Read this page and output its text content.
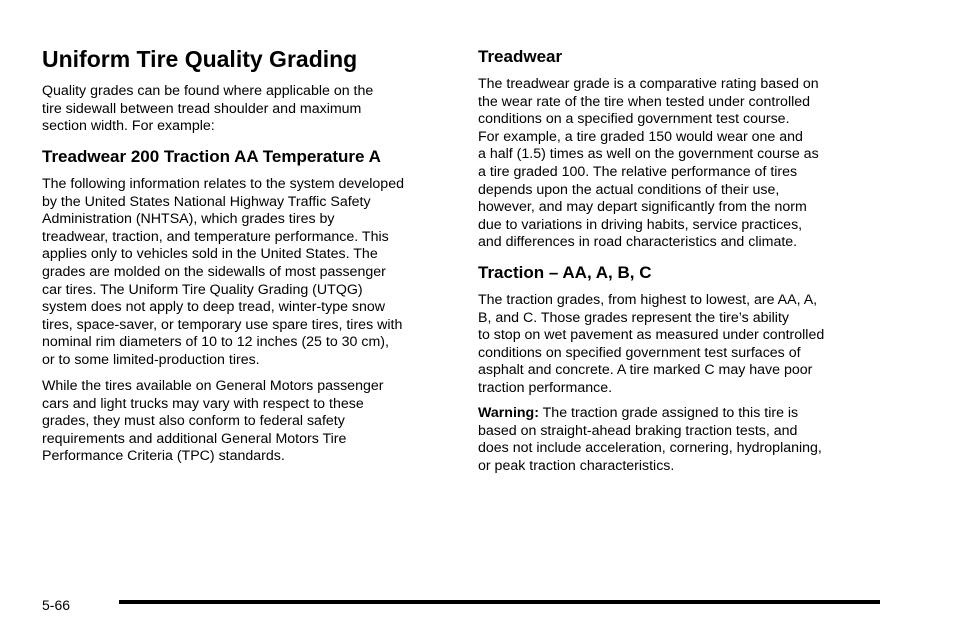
Uniform Tire Quality Grading

Quality grades can be found where applicable on the
tire sidewall between tread shoulder and maximum
section width. For example:

Treadwear 200 Traction AA Temperature A

The following information relates to the system developed
by the United States National Highway Traffic Safety
Administration (NHTSA), which grades tires by
treadwear, traction, and temperature performance. This
applies only to vehicles sold in the United States. The
grades are molded on the sidewalls of most passenger
car tires. The Uniform Tire Quality Grading (UTQG)
system does not apply to deep tread, winter-type snow
tires, space-saver, or temporary use spare tires, tires with
nominal rim diameters of 10 to 12 inches (25 to 30 cm),
or to some limited-production tires.

While the tires available on General Motors passenger
cars and light trucks may vary with respect to these
grades, they must also conform to federal safety
requirements and additional General Motors Tire
Performance Criteria (TPC) standards.

Treadwear

The treadwear grade is a comparative rating based on
the wear rate of the tire when tested under controlled
conditions on a specified government test course.
For example, a tire graded 150 would wear one and
a half (1.5) times as well on the government course as
a tire graded 100. The relative performance of tires
depends upon the actual conditions of their use,
however, and may depart significantly from the norm
due to variations in driving habits, service practices,
and differences in road characteristics and climate.

Traction – AA, A, B, C

The traction grades, from highest to lowest, are AA, A,
B, and C. Those grades represent the tire’s ability
to stop on wet pavement as measured under controlled
conditions on specified government test surfaces of
asphalt and concrete. A tire marked C may have poor
traction performance.

Warning: The traction grade assigned to this tire is
based on straight-ahead braking traction tests, and
does not include acceleration, cornering, hydroplaning,
or peak traction characteristics.

5-66
